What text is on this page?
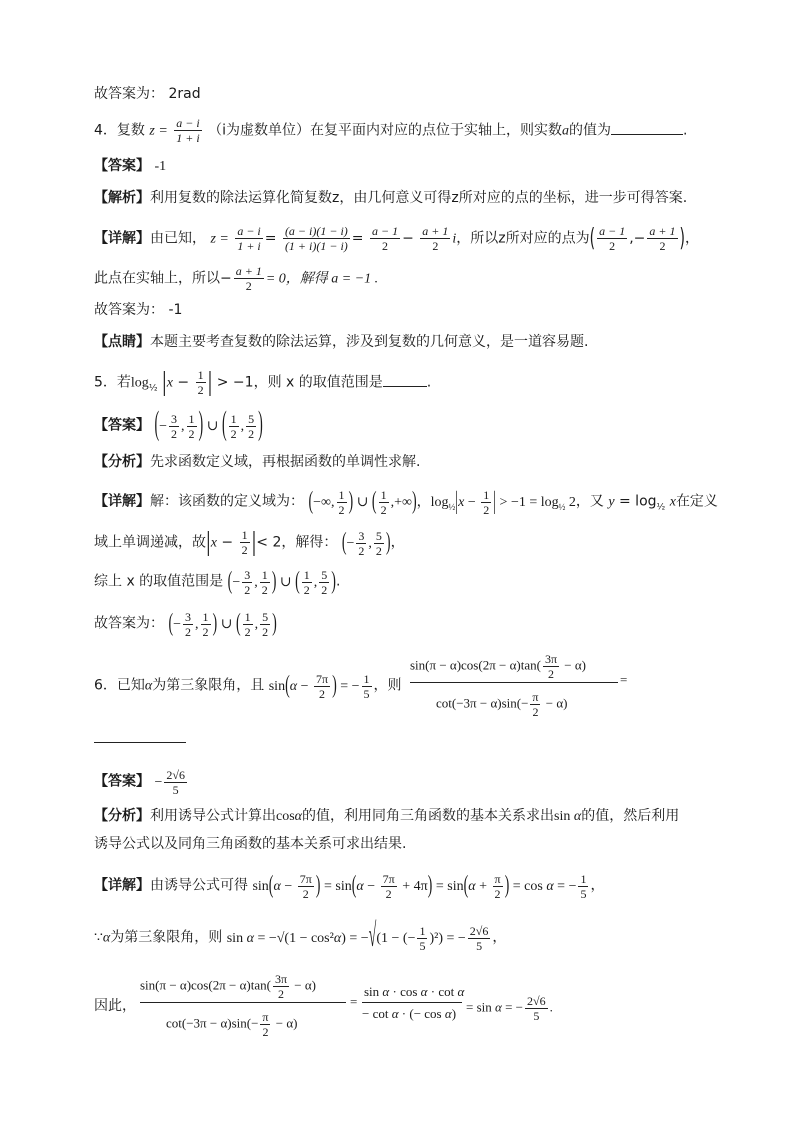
故答案为： 2rad
4．复数 $z = \frac{a - i}{1 + i} (i$为虚数单位）在复平面内对应的点位于实轴上，则实数a的值为	.
【答案】 -1
【解析】利用复数的除法运算化简复数z，由几何意义可得z所对应的点的坐标，进一步可得答案.
【详解】由已知， $z = \frac{a - i}{1 + i} = \frac{(a - i)(1 - i)}{(1 + i)(1 - i)} = \frac{a - 1}{2} - \frac{a + 1}{2}$ i，所以z所对应的点为( $\frac{a - 1}{2}$ ,− $\frac{a + 1}{2}$ )，
此点在实轴上，所以− $\frac{a + 1}{2} = 0$，解得 a = −1 .
故答案为： -1
【点睛】本题主要考查复数的除法运算，涉及到复数的几何意义，是一道容易题.
5．若$\log_{\frac{1}{2}} |x - \frac{1}{2}$ | > −1，则 x 的取值范围是	.
【答案】 (− $\frac{3}{2}$ , $\frac{1}{2}$ ) ∪ ( $\frac{1}{2}$ , $\frac{5}{2}$ )
【分析】先求函数定义域，再根据函数的单调性求解.
【详解】解：该函数的定义域为： (−∞, $\frac{1}{2}$ ) ∪ ( $\frac{1}{2}$ ,+∞)，$\log_{\frac{1}{2}}|x - \frac{1}{2}$ | > $-1 = \log_{\frac{1}{2}} 2$，又 $y = \log_{\frac{1}{2}} x$在定义
域上单调递减，故$|x - \frac{1}{2}$ |< 2，解得： (− $\frac{3}{2}$ , $\frac{5}{2}$ )，
综上 x 的取值范围是 (− $\frac{3}{2}$ , $\frac{1}{2}$ ) ∪ ( $\frac{1}{2}$ , $\frac{5}{2}$ ).
故答案为： (− $\frac{3}{2}$ , $\frac{1}{2}$ ) ∪ ( $\frac{1}{2}$ , $\frac{5}{2}$ )
6．已知α为第三象限角，且 $\sin(\alpha - \frac{7\pi}{2}$ ) = − $\frac{1}{5}$ ，则
$\sin(\pi - \alpha)\cos(2\pi - \alpha)\tan( \frac{3\pi}{2} - \alpha)$
$\cot(-3\pi - \alpha)\sin(- \frac{\pi}{2} - \alpha)$
=
【答案】 − $\frac{2√6}{5}$
【分析】利用诱导公式计算出cosα的值，利用同角三角函数的基本关系求出sin α的值，然后利用
诱导公式以及同角三角函数的基本关系可求出结果.
【详解】由诱导公式可得 $\sin(\alpha - \frac{7\pi}{2}$ ) = $\sin(\alpha - \frac{7\pi}{2} + 4\pi) = \sin(\alpha + \frac{\pi}{2}$ ) = cos α = − $\frac{1}{5}$ ，
∵α为第三象限角，则 sin α = −√(1 − cos²α) = −√(1 − (− $\frac{1}{5} )^2$) = − $\frac{2√6}{5}$ ，
因此，
$\sin(\pi - \alpha)\cos(2\pi - \alpha)\tan( \frac{3\pi}{2} - \alpha)$
$\cot(-3\pi - \alpha)\sin(- \frac{\pi}{2} - \alpha)$
=
sin α · cos α · cot α
− cot α · (− cos α) = sin α = − $\frac{2√6}{5}$ .
